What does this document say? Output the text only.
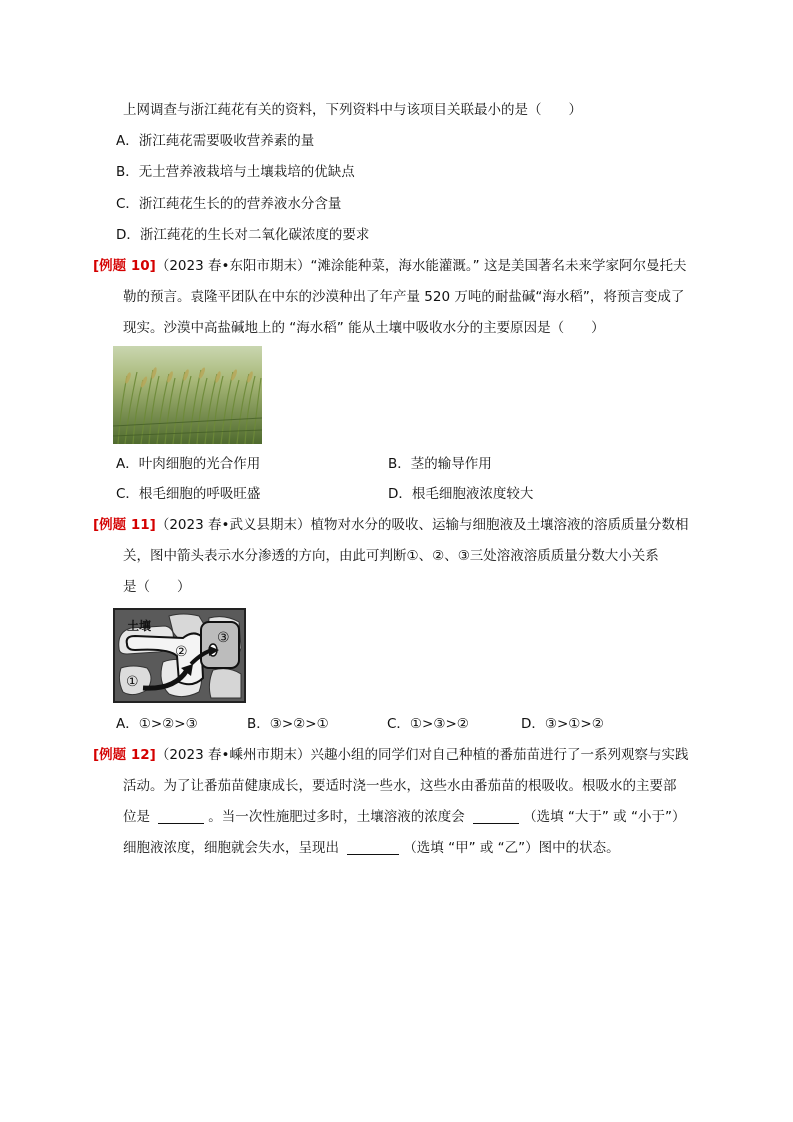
上网调查与浙江莼花有关的资料，下列资料中与该项目关联最小的是（　　）
A．浙江莼花需要吸收营养素的量
B．无土营养液栽培与土壤栽培的优缺点
C．浙江莼花生长的的营养液水分含量
D．浙江莼花的生长对二氧化碳浓度的要求
[例题 10]（2023 春•东阳市期末）“滩涂能种菜，海水能灌溉。” 这是美国著名未来学家阿尔曼托夫
勒的预言。袁隆平团队在中东的沙漠种出了年产量 520 万吨的耐盐碱“海水稻”，将预言变成了
现实。沙漠中高盐碱地上的 “海水稻” 能从土壤中吸收水分的主要原因是（　　）
A．叶肉细胞的光合作用	B．茎的输导作用
C．根毛细胞的呼吸旺盛	D．根毛细胞液浓度较大
[例题 11]（2023 春•武义县期末）植物对水分的吸收、运输与细胞液及土壤溶液的溶质质量分数相
关，图中箭头表示水分渗透的方向，由此可判断①、②、③三处溶液溶质质量分数大小关系
是（　　）
土壤
①
②
③
A．①>②>③	B．③>②>①	C．①>③>②	D．③>①>②
[例题 12]（2023 春•嵊州市期末）兴趣小组的同学们对自己种植的番茄苗进行了一系列观察与实践
活动。为了让番茄苗健康成长，要适时浇一些水，这些水由番茄苗的根吸收。根吸水的主要部
位是	。当一次性施肥过多时，土壤溶液的浓度会	（选填 “大于” 或 “小于”）
细胞液浓度，细胞就会失水，呈现出	（选填 “甲” 或 “乙”）图中的状态。
